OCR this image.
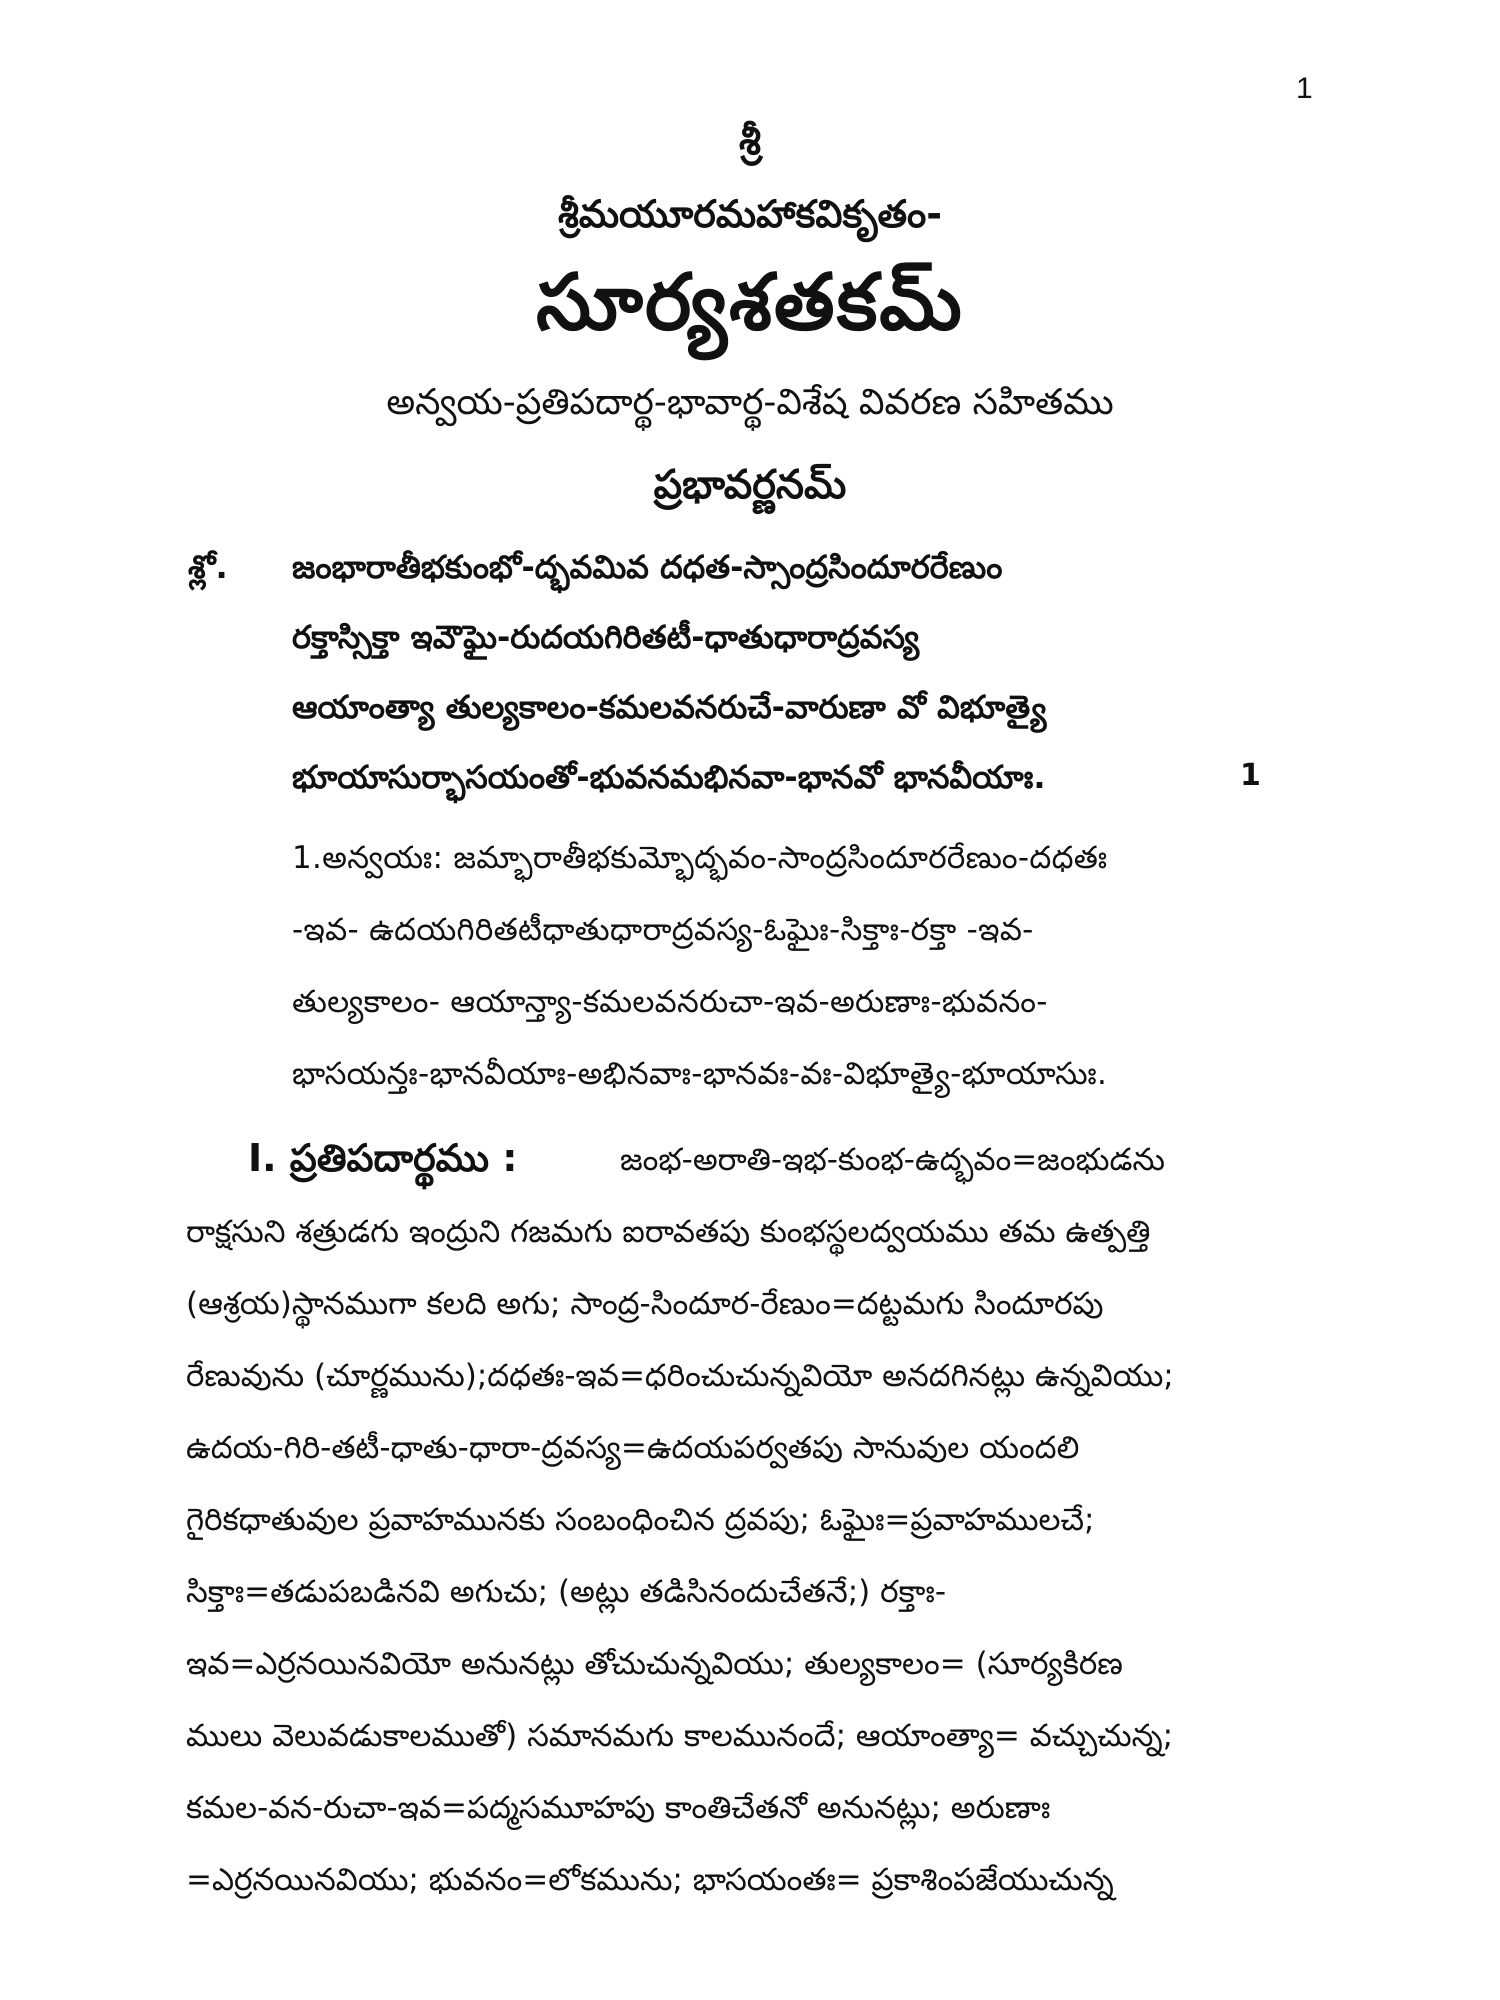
1
శ్రీ
శ్రీమయూరమహాకవికృతం-
సూర్యశతకమ్
అన్వయ-ప్రతిపదార్థ-భావార్థ-విశేష వివరణ సహితము
ప్రభావర్ణనమ్
శ్లో. జంభారాతీభకుంభో-ద్భవమివ దధత-స్సాంద్రసిందూరరేణుం
రక్తాస్సిక్తా ఇవౌఘై-రుదయగిరితటీ-ధాతుధారాద్రవస్య
ఆయాంత్యా తుల్యకాలం-కమలవనరుచే-వారుణా వో విభూత్యై
భూయాసుర్భాసయంతో-భువనమభినవా-భానవో భానవీయాః.	1
1.అన్వయః: జమ్భారాతీభకుమ్భోద్భవం-సాంద్రసిందూరరేణుం-దధతః
-ఇవ- ఉదయగిరితటీధాతుధారాద్రవస్య-ఓఘైః-సిక్తాః-రక్తా -ఇవ-
తుల్యకాలం- ఆయాన్త్యా-కమలవనరుచా-ఇవ-అరుణాః-భువనం-
భాసయన్తః-భానవీయాః-అభినవాః-భానవః-వః-విభూత్యై-భూయాసుః.
I. ప్రతిపదార్థము :	జంభ-అరాతి-ఇభ-కుంభ-ఉద్భవం=జంభుడను
రాక్షసుని శత్రుడగు ఇంద్రుని గజమగు ఐరావతపు కుంభస్థలద్వయము తమ ఉత్పత్తి
(ఆశ్రయ)స్థానముగా కలది అగు; సాంద్ర-సిందూర-రేణుం=దట్టమగు సిందూరపు
రేణువును (చూర్ణమును);దధతః-ఇవ=ధరించుచున్నవియో అనదగినట్లు ఉన్నవియు;
ఉదయ-గిరి-తటీ-ధాతు-ధారా-ద్రవస్య=ఉదయపర్వతపు సానువుల యందలి
గైరికధాతువుల ప్రవాహమునకు సంబంధించిన ద్రవపు; ఓఘైః=ప్రవాహములచే;
సిక్తాః=తడుపబడినవి అగుచు; (అట్లు తడిసినందుచేతనే;) రక్తాః-
ఇవ=ఎర్రనయినవియో అనునట్లు తోచుచున్నవియు; తుల్యకాలం= (సూర్యకిరణ
ములు వెలువడుకాలముతో) సమానమగు కాలమునందే; ఆయాంత్యా= వచ్చుచున్న;
కమల-వన-రుచా-ఇవ=పద్మసమూహపు కాంతిచేతనో అనునట్లు; అరుణాః
=ఎర్రనయినవియు; భువనం=లోకమును; భాసయంతః= ప్రకాశింపజేయుచున్న
